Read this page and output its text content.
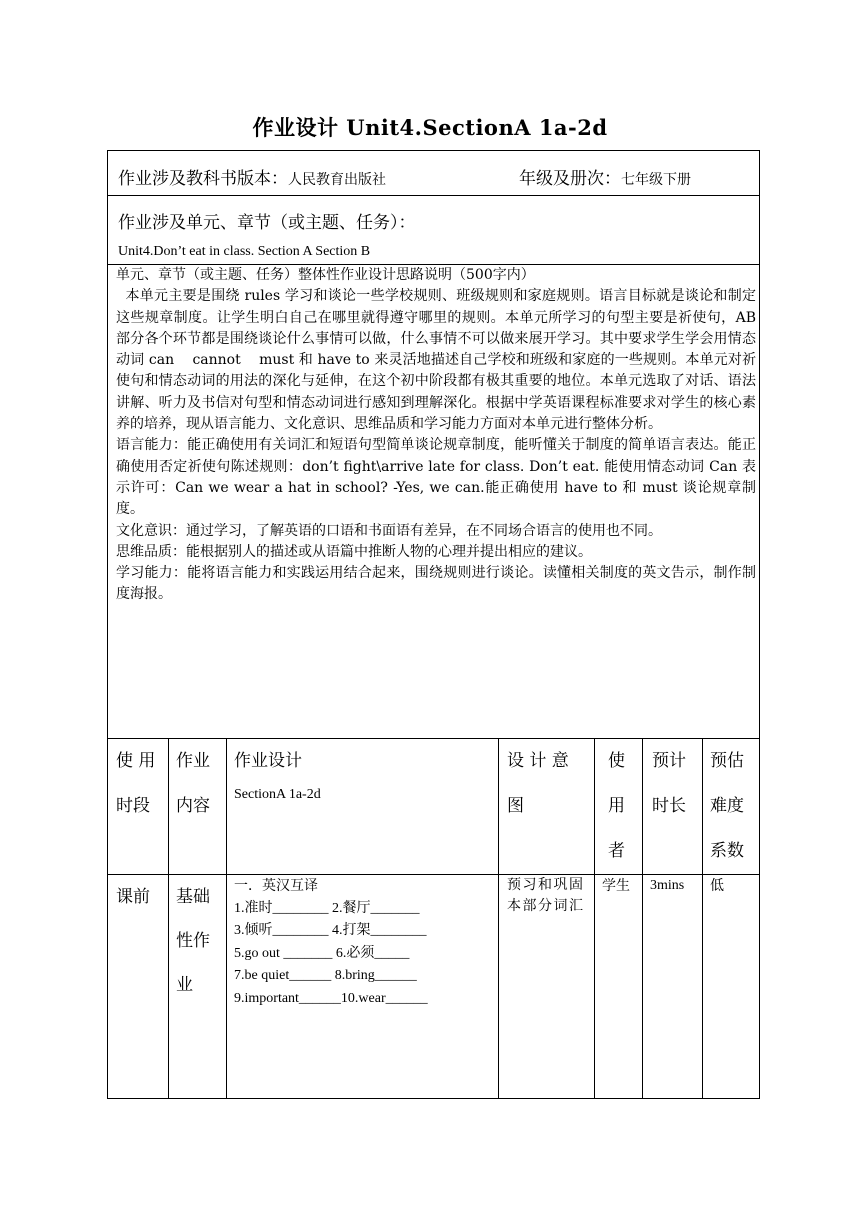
作业设计 Unit4.SectionA 1a-2d
作业涉及教科书版本：人民教育出版社	年级及册次：七年级下册
作业涉及单元、章节（或主题、任务）：
Unit4.Don’t eat in class. Section A Section B

单元、章节（或主题、任务）整体性作业设计思路说明（500字内）

本单元主要是围绕 rules 学习和谈论一些学校规则、班级规则和家庭规则。语言目标就是谈论和制定这些规章制度。让学生明白自己在哪里就得遵守哪里的规则。本单元所学习的句型主要是祈使句，AB 部分各个环节都是围绕谈论什么事情可以做，什么事情不可以做来展开学习。其中要求学生学会用情态动词 can    cannot    must 和 have to 来灵活地描述自己学校和班级和家庭的一些规则。本单元对祈使句和情态动词的用法的深化与延伸，在这个初中阶段都有极其重要的地位。本单元选取了对话、语法讲解、听力及书信对句型和情态动词进行感知到理解深化。根据中学英语课程标准要求对学生的核心素养的培养，现从语言能力、文化意识、思维品质和学习能力方面对本单元进行整体分析。

语言能力：能正确使用有关词汇和短语句型简单谈论规章制度，能听懂关于制度的简单语言表达。能正确使用否定祈使句陈述规则：don’t fight\arrive late for class. Don’t eat. 能使用情态动词 Can 表示许可：Can we wear a hat in school? -Yes, we can.能正确使用 have to 和 must 谈论规章制度。

文化意识：通过学习，了解英语的口语和书面语有差异，在不同场合语言的使用也不同。

思维品质：能根据别人的描述或从语篇中推断人物的心理并提出相应的建议。

学习能力：能将语言能力和实践运用结合起来，围绕规则进行谈论。读懂相关制度的英文告示，制作制度海报。

使 用
时段
作业
内容
作业设计
SectionA 1a-2d
设 计 意
图
使
用
者
预计
时长
预估
难度
系数
课前	基础
性作
业
一．英汉互译
1.准时________ 2.餐厅_______
3.倾听________ 4.打架________
5.go out _______ 6.必须_____
7.be quiet______ 8.bring______
9.important______10.wear______
预习和巩固本部分词汇
学生 3mins 低
